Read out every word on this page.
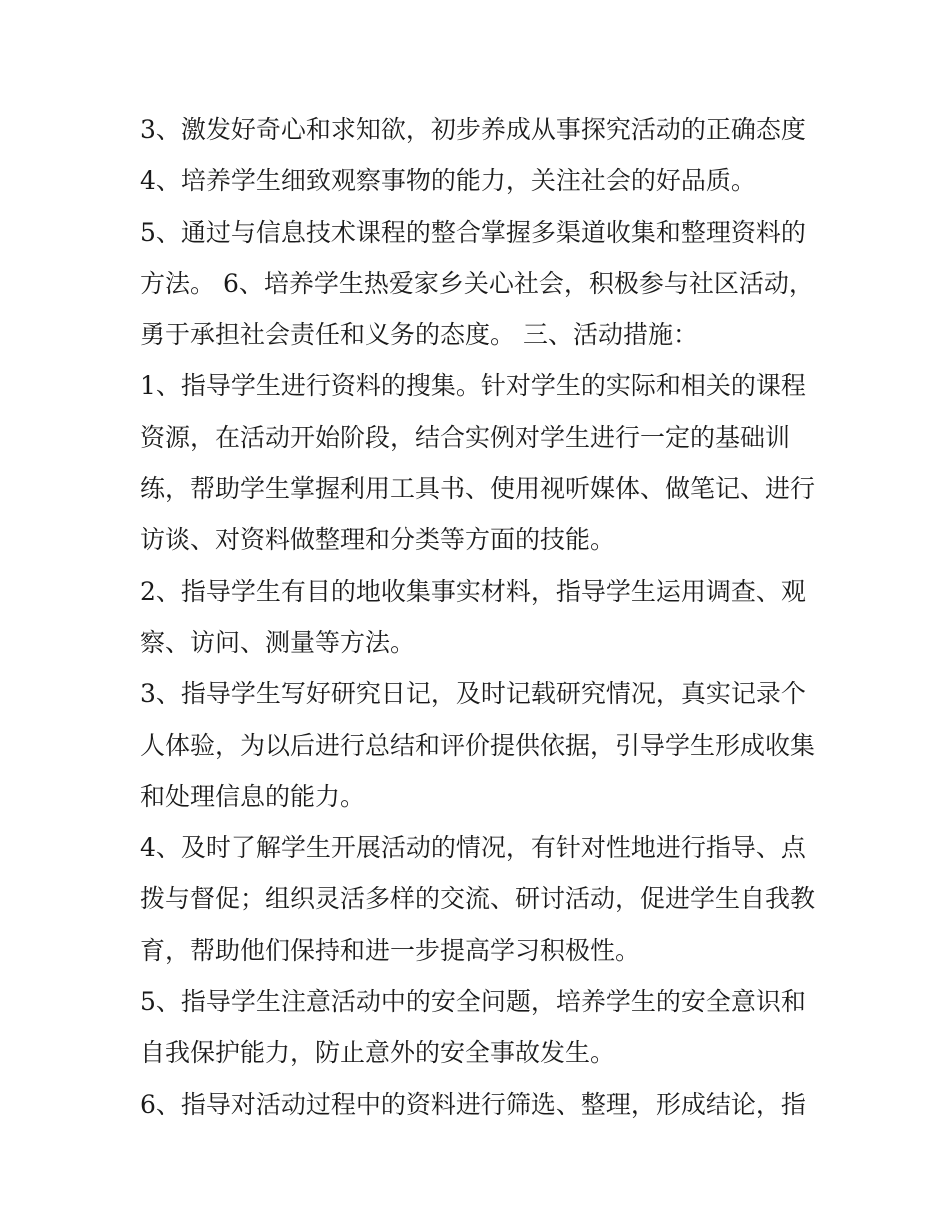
3、激发好奇心和求知欲，初步养成从事探究活动的正确态度
4、培养学生细致观察事物的能力，关注社会的好品质。
5、通过与信息技术课程的整合掌握多渠道收集和整理资料的
方法。 6、培养学生热爱家乡关心社会，积极参与社区活动，
勇于承担社会责任和义务的态度。 三、活动措施：
1、指导学生进行资料的搜集。针对学生的实际和相关的课程
资源，在活动开始阶段，结合实例对学生进行一定的基础训
练，帮助学生掌握利用工具书、使用视听媒体、做笔记、进行
访谈、对资料做整理和分类等方面的技能。
2、指导学生有目的地收集事实材料，指导学生运用调查、观
察、访问、测量等方法。
3、指导学生写好研究日记，及时记载研究情况，真实记录个
人体验，为以后进行总结和评价提供依据，引导学生形成收集
和处理信息的能力。
4、及时了解学生开展活动的情况，有针对性地进行指导、点
拨与督促；组织灵活多样的交流、研讨活动，促进学生自我教
育，帮助他们保持和进一步提高学习积极性。
5、指导学生注意活动中的安全问题，培养学生的安全意识和
自我保护能力，防止意外的安全事故发生。
6、指导对活动过程中的资料进行筛选、整理，形成结论，指
